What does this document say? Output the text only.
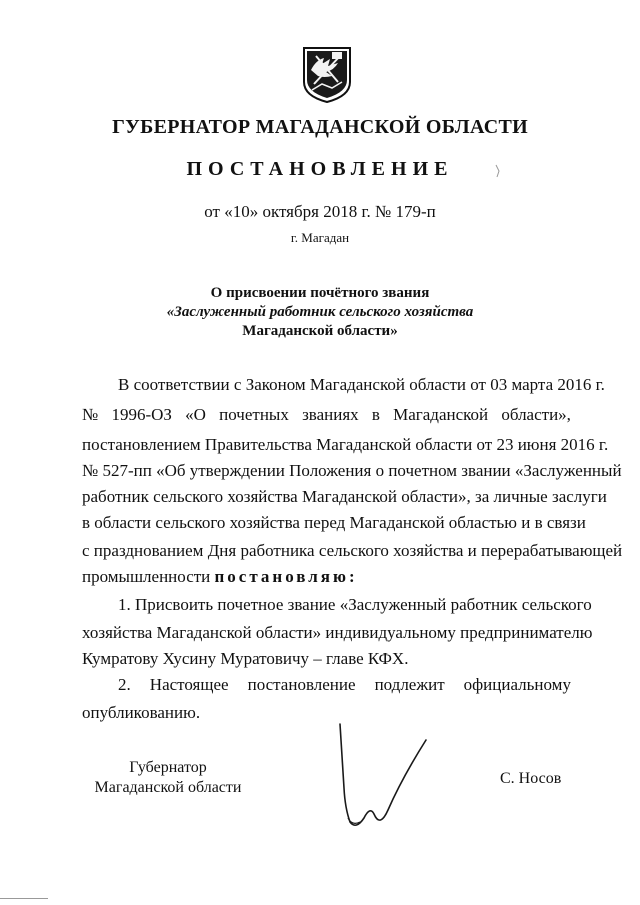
ГУБЕРНАТОР МАГАДАНСКОЙ ОБЛАСТИ
ПОСТАНОВЛЕНИЕ
от «10» октября 2018 г. № 179-п
г. Магадан
О присвоении почётного звания
«Заслуженный работник сельского хозяйства
Магаданской области»
В соответствии с Законом Магаданской области от 03 марта 2016 г.
№ 1996-ОЗ «О почетных званиях в Магаданской области»,
постановлением Правительства Магаданской области от 23 июня 2016 г.
№ 527-пп «Об утверждении Положения о почетном звании «Заслуженный
работник сельского хозяйства Магаданской области», за личные заслуги
в области сельского хозяйства перед Магаданской областью и в связи
с празднованием Дня работника сельского хозяйства и перерабатывающей
промышленности постановляю:
1. Присвоить почетное звание «Заслуженный работник сельского
хозяйства Магаданской области» индивидуальному предпринимателю
Кумратову Хусину Муратовичу – главе КФХ.
2. Настоящее постановление подлежит официальному
опубликованию.
Губернатор
Магаданской области
С. Носов
